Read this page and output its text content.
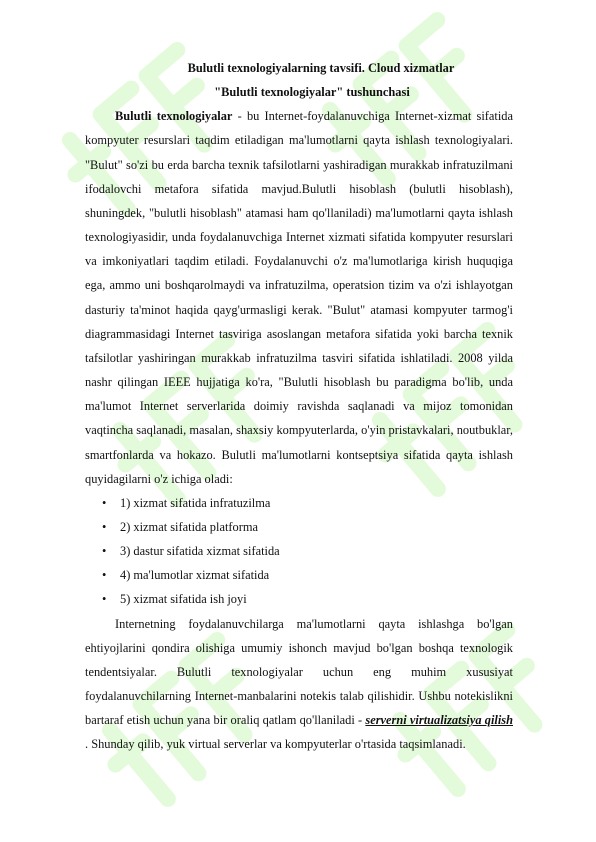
Bulutli texnologiyalarning tavsifi. Cloud xizmatlar
"Bulutli texnologiyalar" tushunchasi

Bulutli texnologiyalar - bu Internet-foydalanuvchiga Internet-xizmat sifatida kompyuter resurslari taqdim etiladigan ma'lumotlarni qayta ishlash texnologiyalari. "Bulut" so'zi bu erda barcha texnik tafsilotlarni yashiradigan murakkab infratuzilmani ifodalovchi metafora sifatida mavjud.Bulutli hisoblash (bulutli hisoblash), shuningdek, "bulutli hisoblash" atamasi ham qo'llaniladi) ma'lumotlarni qayta ishlash texnologiyasidir, unda foydalanuvchiga Internet xizmati sifatida kompyuter resurslari va imkoniyatlari taqdim etiladi. Foydalanuvchi o'z ma'lumotlariga kirish huquqiga ega, ammo uni boshqarolmaydi va infratuzilma, operatsion tizim va o'zi ishlayotgan dasturiy ta'minot haqida qayg'urmasligi kerak. "Bulut" atamasi kompyuter tarmog'i diagrammasidagi Internet tasviriga asoslangan metafora sifatida yoki barcha texnik tafsilotlar yashiringan murakkab infratuzilma tasviri sifatida ishlatiladi. 2008 yilda nashr qilingan IEEE hujjatiga ko'ra, "Bulutli hisoblash bu paradigma bo'lib, unda ma'lumot Internet serverlarida doimiy ravishda saqlanadi va mijoz tomonidan vaqtincha saqlanadi, masalan, shaxsiy kompyuterlarda, o'yin pristavkalari, noutbuklar, smartfonlarda va hokazo. Bulutli ma'lumotlarni kontseptsiya sifatida qayta ishlash quyidagilarni o'z ichiga oladi:

• 1) xizmat sifatida infratuzilma
• 2) xizmat sifatida platforma
• 3) dastur sifatida xizmat sifatida
• 4) ma'lumotlar xizmat sifatida
• 5) xizmat sifatida ish joyi

Internetning foydalanuvchilarga ma'lumotlarni qayta ishlashga bo'lgan ehtiyojlarini qondira olishiga umumiy ishonch mavjud bo'lgan boshqa texnologik tendentsiyalar. Bulutli texnologiyalar uchun eng muhim xususiyat foydalanuvchilarning Internet-manbalarini notekis talab qilishidir. Ushbu notekislikni bartaraf etish uchun yana bir oraliq qatlam qo'llaniladi - serverni virtualizatsiya qilish . Shunday qilib, yuk virtual serverlar va kompyuterlar o'rtasida taqsimlanadi.
